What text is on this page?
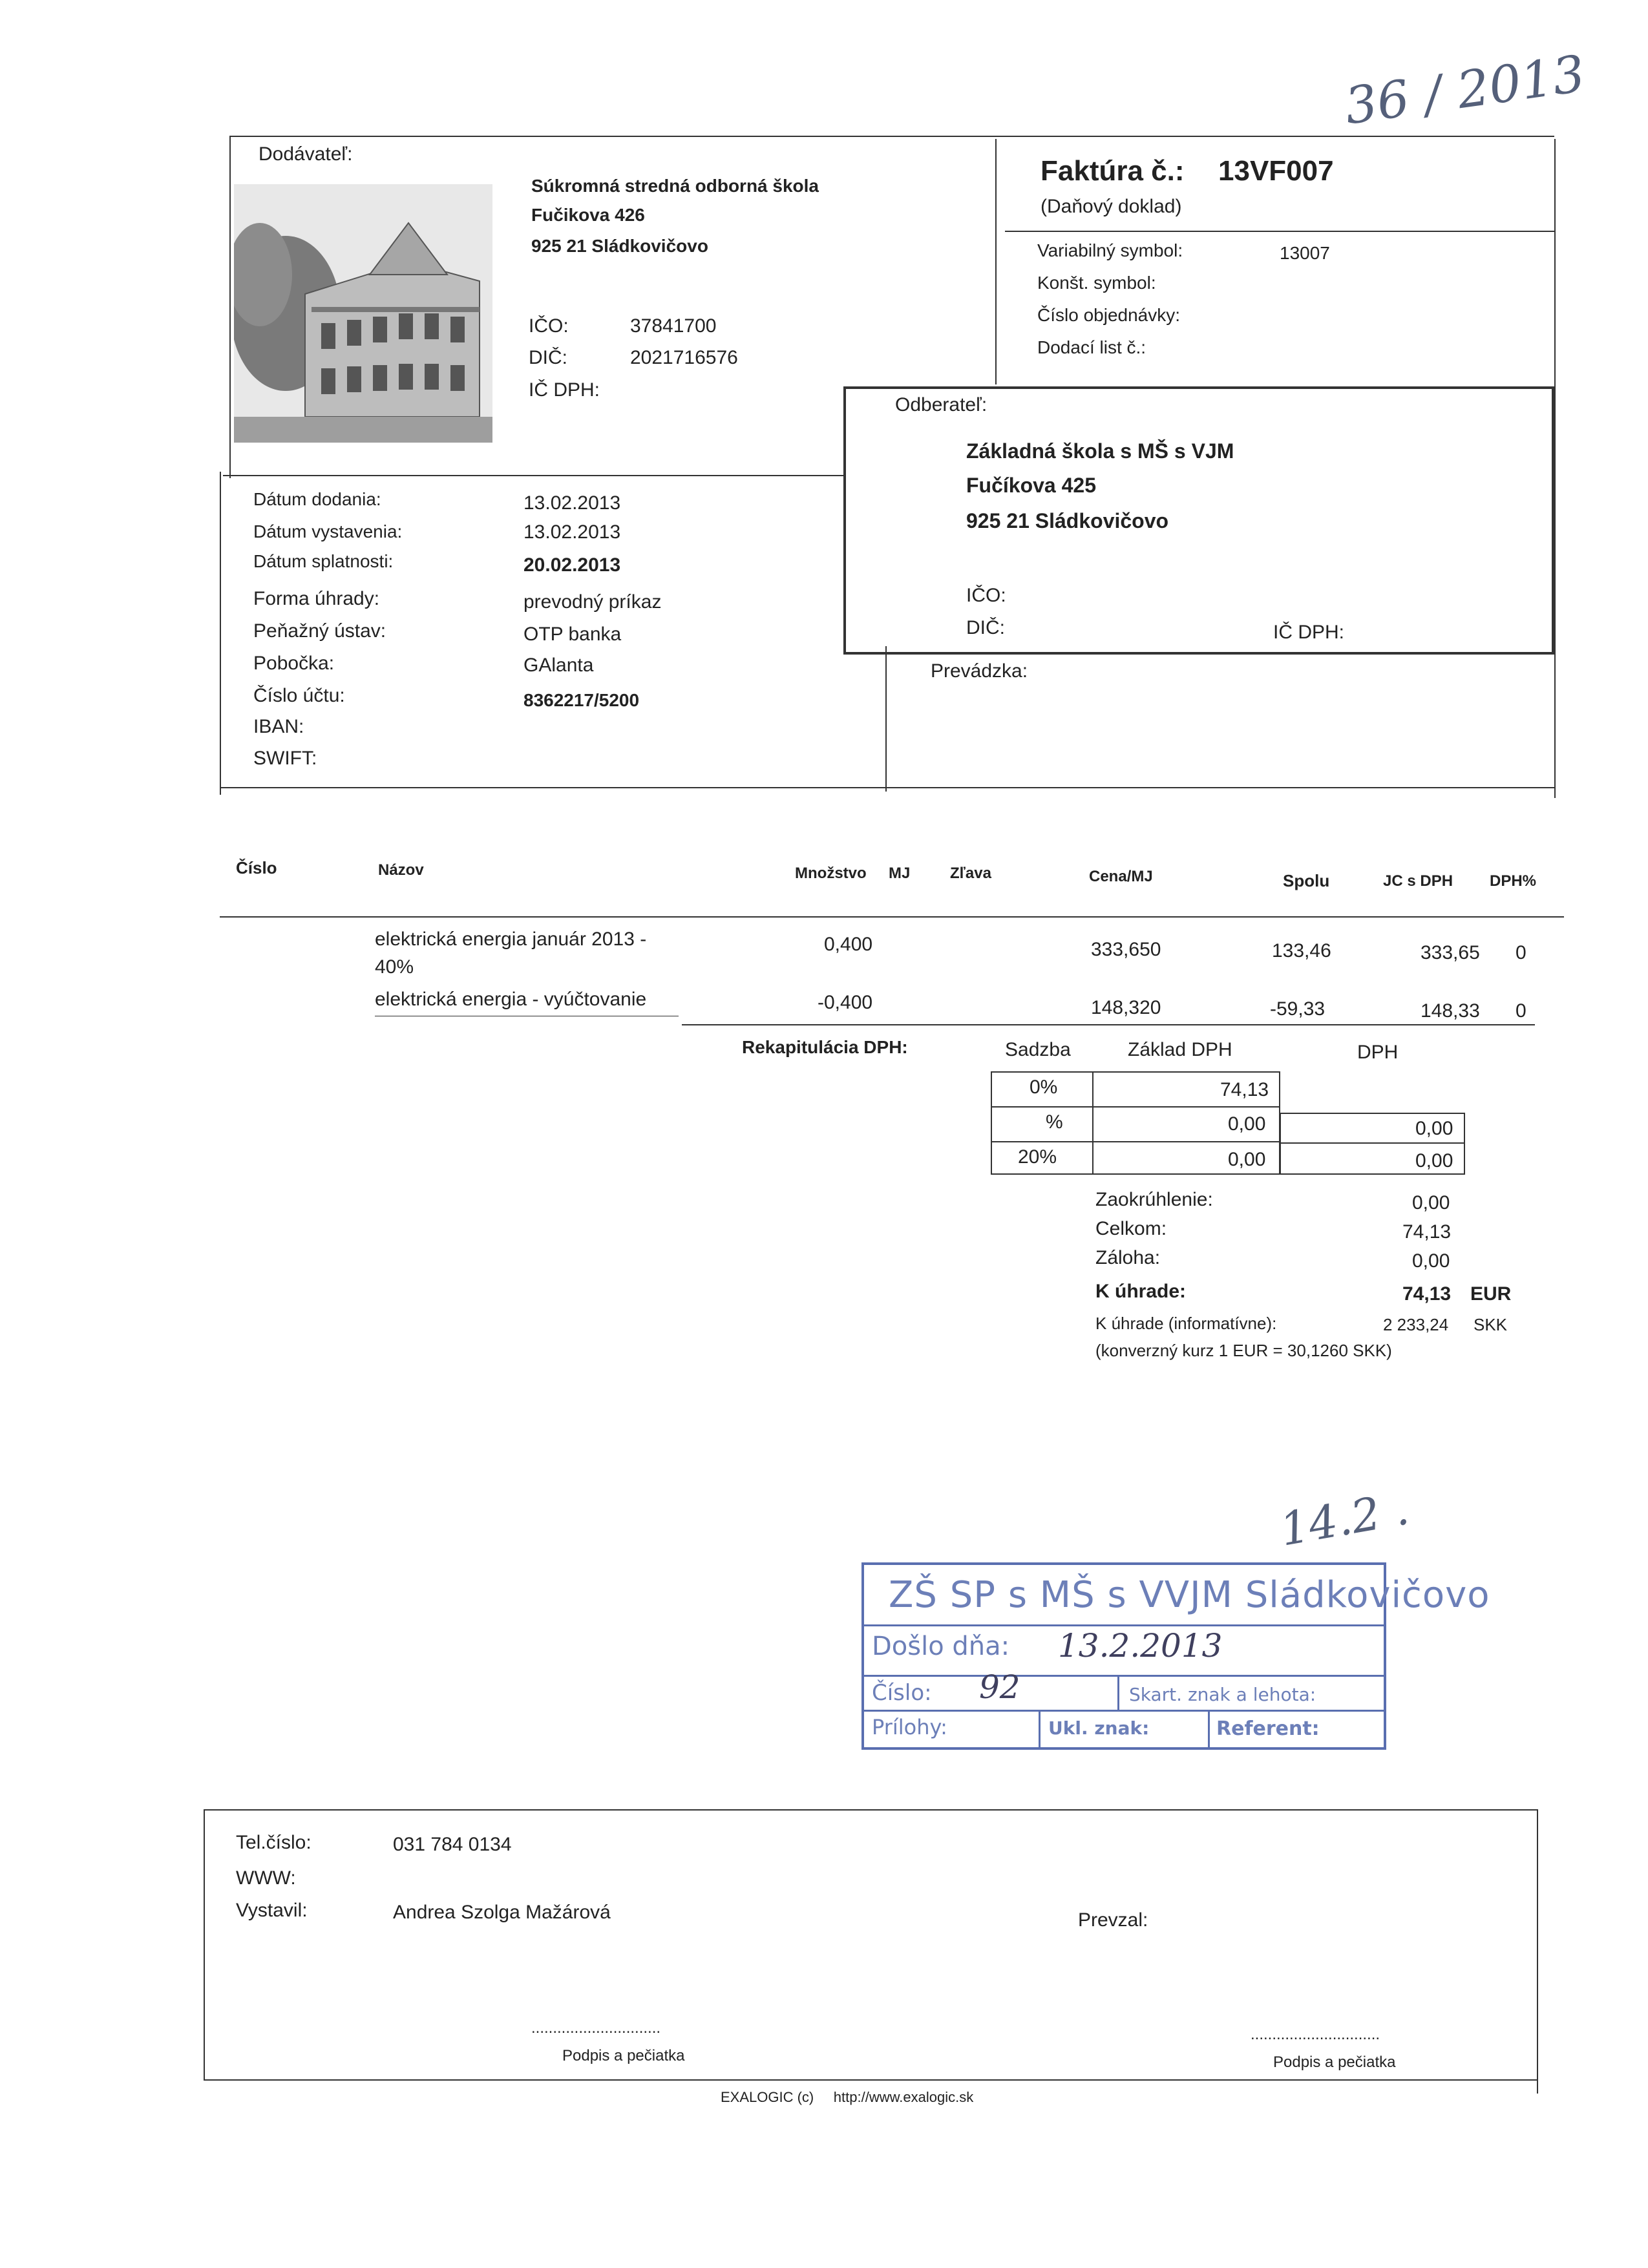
36 / 2013
Dodávateľ:
Súkromná stredná odborná škola
Fučikova 426
925 21 Sládkovičovo
IČO:	37841700
DIČ:	2021716576
IČ DPH:
Faktúra č.: 13VF007
(Daňový doklad)
Variabilný symbol:	13007
Konšt. symbol:
Číslo objednávky:
Dodací list č.:
Odberateľ:
Základná škola s MŠ s VJM
Fučíkova 425
925 21 Sládkovičovo
IČO:
DIČ:	IČ DPH:
Prevádzka:
Dátum dodania:	13.02.2013
Dátum vystavenia:	13.02.2013
Dátum splatnosti:	20.02.2013
Forma úhrady:	prevodný príkaz
Peňažný ústav:	OTP banka
Pobočka:	GAlanta
Číslo účtu:	8362217/5200
IBAN:
SWIFT:
Číslo	Názov	Množstvo MJ	Zľava	Cena/MJ	Spolu	JC s DPH DPH%
elektrická energia január 2013 -
40%
0,400	333,650	133,46	333,65 0
elektrická energia - vyúčtovanie	-0,400	148,320	-59,33	148,33 0
Rekapitulácia DPH:	Sadzba	Základ DPH	DPH
0%	74,13
%	0,00	0,00
20%	0,00	0,00
Zaokrúhlenie:	0,00
Celkom:	74,13
Záloha:	0,00
K úhrade:	74,13 EUR
K úhrade (informatívne):	2 233,24 SKK
(konverzný kurz 1 EUR = 30,1260 SKK)
14.2 .
ZŠ SP s MŠ s VVJM Sládkovičovo
Došlo dňa: 13.2.2013
Číslo: 92	Skart. znak a lehota:
Prílohy:	Ukl. znak:	Referent:
Tel.číslo:	031 784 0134
WWW:
Vystavil:	Andrea Szolga Mažárová	Prevzal:
..............................
Podpis a pečiatka
..............................
Podpis a pečiatka
EXALOGIC (c)     http://www.exalogic.sk
